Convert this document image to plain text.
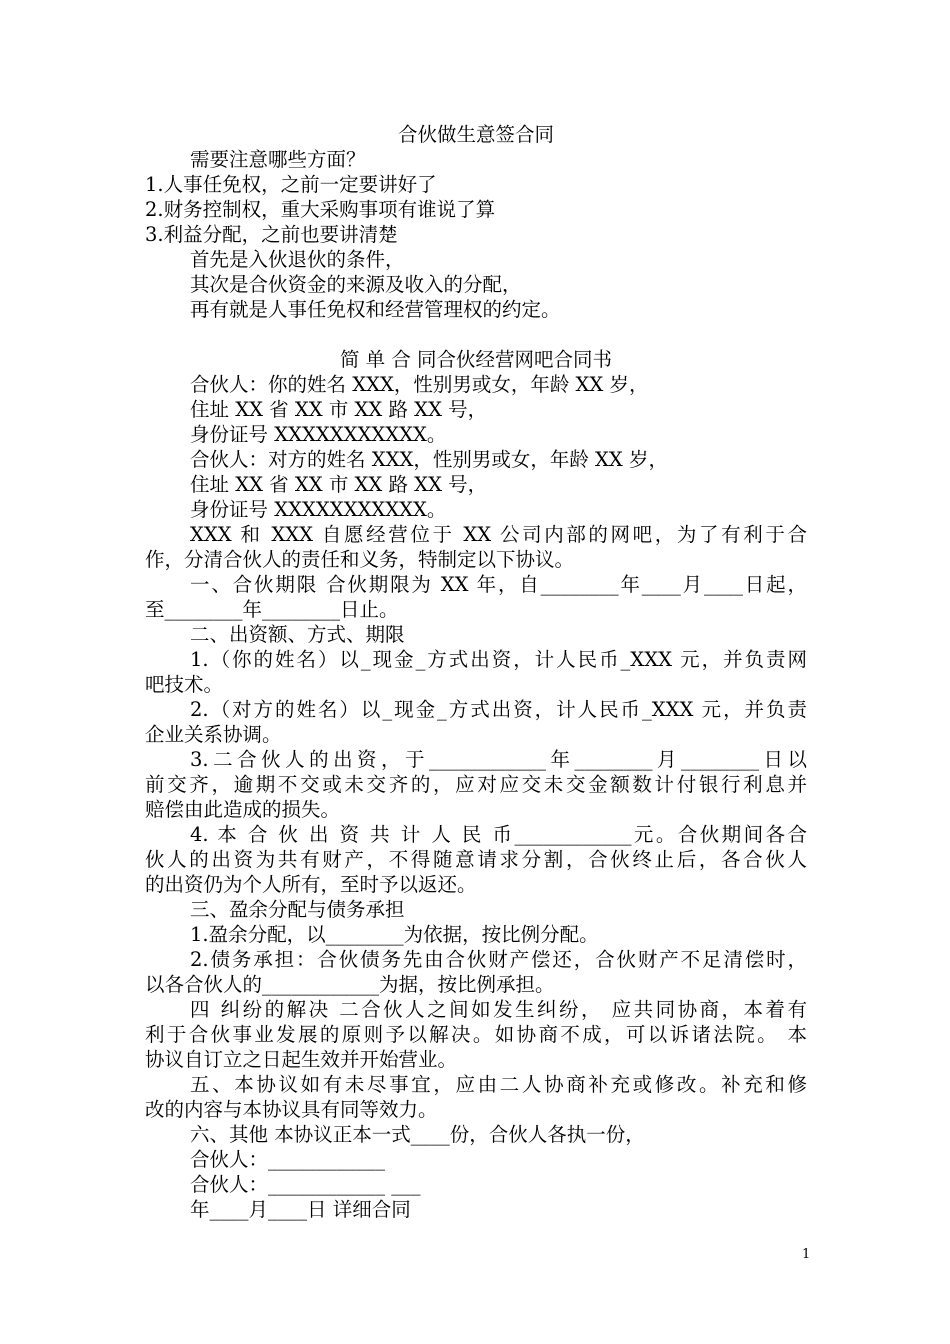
合伙做生意签合同
需要注意哪些方面？
1.人事任免权，之前一定要讲好了
2.财务控制权，重大采购事项有谁说了算
3.利益分配，之前也要讲清楚
首先是入伙退伙的条件，
其次是合伙资金的来源及收入的分配，
再有就是人事任免权和经营管理权的约定。
简 单 合 同合伙经营网吧合同书
合伙人：你的姓名 XXX，性别男或女，年龄 XX 岁，
住址 XX 省 XX 市 XX 路 XX 号，
身份证号 XXXXXXXXXXX。
合伙人：对方的姓名 XXX，性别男或女，年龄 XX 岁，
住址 XX 省 XX 市 XX 路 XX 号，
身份证号 XXXXXXXXXXX。
XXX 和 XXX 自愿经营位于 XX 公司内部的网吧，为了有利于合
作，分清合伙人的责任和义务，特制定以下协议。
一、合伙期限 合伙期限为 XX 年，自________年____月____日起，
至________年________日止。
二、出资额、方式、期限
1.（你的姓名）以_现金_方式出资，计人民币_XXX 元，并负责网
吧技术。
2.（对方的姓名）以_现金_方式出资，计人民币_XXX 元，并负责
企业关系协调。
3.二合伙人的出资，于____________年________月________日以
前交齐，逾期不交或未交齐的，应对应交未交金额数计付银行利息并
赔偿由此造成的损失。
4. 本 合 伙 出 资 共 计 人 民 币____________元。合伙期间各合
伙人的出资为共有财产，不得随意请求分割，合伙终止后，各合伙人
的出资仍为个人所有，至时予以返还。
三、盈余分配与债务承担
1.盈余分配，以________为依据，按比例分配。
2.债务承担：合伙债务先由合伙财产偿还，合伙财产不足清偿时，
以各合伙人的____________为据，按比例承担。
四 纠纷的解决 二合伙人之间如发生纠纷， 应共同协商，本着有
利于合伙事业发展的原则予以解决。如协商不成，可以诉诸法院。 本
协议自订立之日起生效并开始营业。
五、本协议如有未尽事宜，应由二人协商补充或修改。补充和修
改的内容与本协议具有同等效力。
六、其他 本协议正本一式____份，合伙人各执一份，
合伙人：____________
合伙人：____________ ___
年____月____日 详细合同
1
